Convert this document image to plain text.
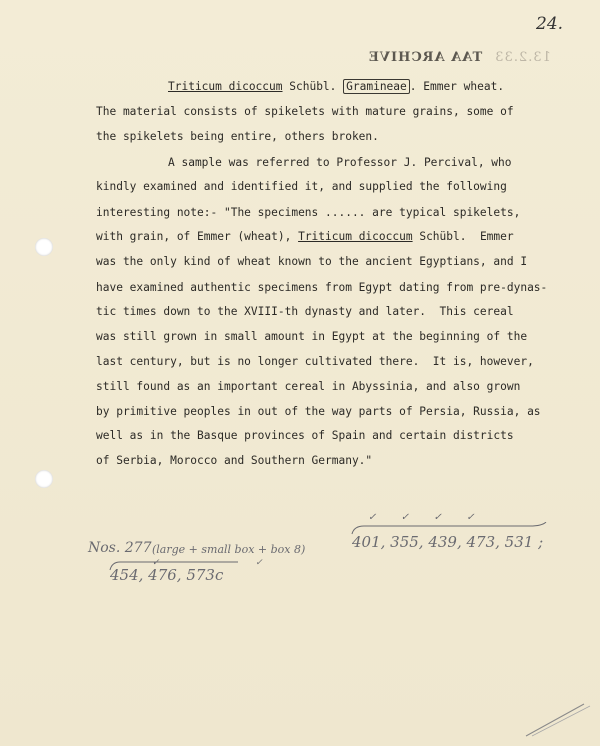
24.
13.2.33TAA ARCHIVE
Triticum dicoccum Schübl. Gramineae . Emmer wheat.
The material consists of spikelets with mature grains, some of
the spikelets being entire, others broken.
A sample was referred to Professor J. Percival, who
kindly examined and identified it, and supplied the following
interesting note:- "The specimens ...... are typical spikelets,
with grain, of Emmer (wheat), Triticum dicoccum Schübl.  Emmer
was the only kind of wheat known to the ancient Egyptians, and I
have examined authentic specimens from Egypt dating from pre-dynas-
tic times down to the XVIII-th dynasty and later.  This cereal
was still grown in small amount in Egypt at the beginning of the
last century, but is no longer cultivated there.  It is, however,
still found as an important cereal in Abyssinia, and also grown
by primitive peoples in out of the way parts of Persia, Russia, as
well as in the Basque provinces of Spain and certain districts
of Serbia, Morocco and Southern Germany."
✓  ✓  ✓  ✓
Nos. 277 (large + small box + box 8)	401, 355, 439, 473, 531 ;
✓  ✓
454, 476, 573c
